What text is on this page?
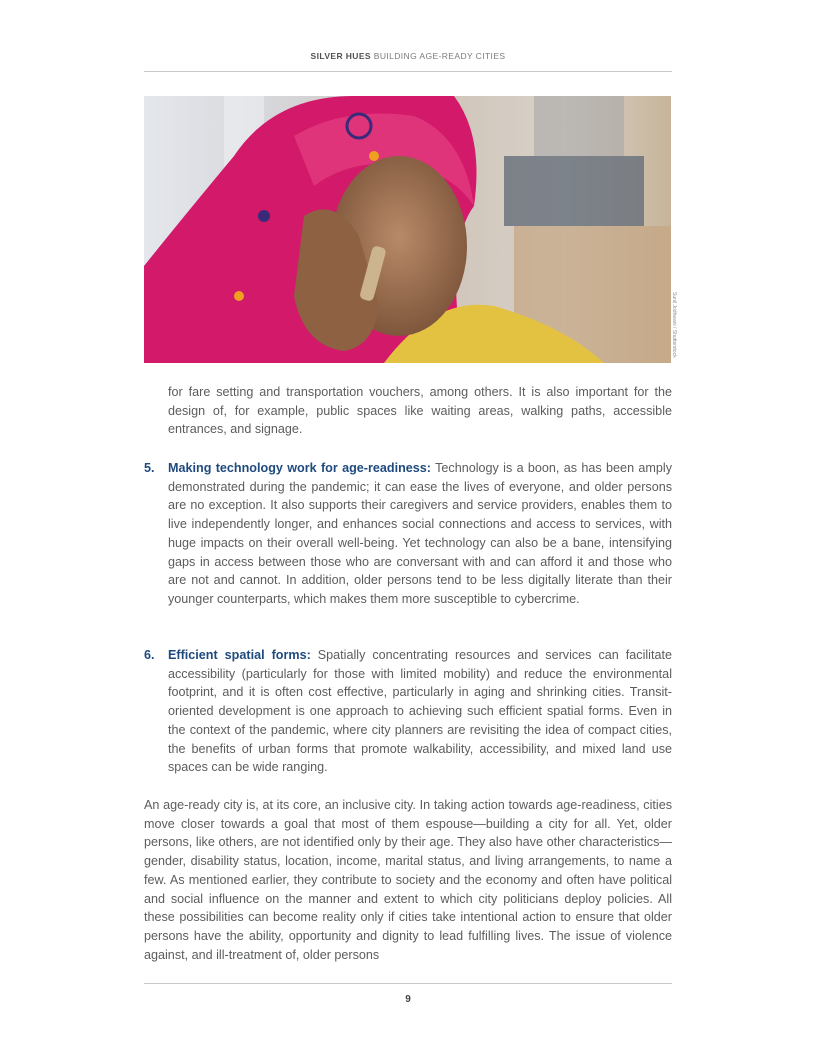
SILVER HUES BUILDING AGE-READY CITIES
Sunil Jodhwani / Shutterstock
for fare setting and transportation vouchers, among others. It is also important for the design of, for example, public spaces like waiting areas, walking paths, accessible entrances, and signage.
5. Making technology work for age-readiness: Technology is a boon, as has been amply demonstrated during the pandemic; it can ease the lives of everyone, and older persons are no exception. It also supports their caregivers and service providers, enables them to live independently longer, and enhances social connections and access to services, with huge impacts on their overall well-being. Yet technology can also be a bane, intensifying gaps in access between those who are conversant with and can afford it and those who are not and cannot. In addition, older persons tend to be less digitally literate than their younger counterparts, which makes them more susceptible to cybercrime.
6. Efficient spatial forms: Spatially concentrating resources and services can facilitate accessibility (particularly for those with limited mobility) and reduce the environmental footprint, and it is often cost effective, particularly in aging and shrinking cities. Transit-oriented development is one approach to achieving such efficient spatial forms. Even in the context of the pandemic, where city planners are revisiting the idea of compact cities, the benefits of urban forms that promote walkability, accessibility, and mixed land use spaces can be wide ranging.
An age-ready city is, at its core, an inclusive city. In taking action towards age-readiness, cities move closer towards a goal that most of them espouse—building a city for all. Yet, older persons, like others, are not identified only by their age. They also have other characteristics—gender, disability status, location, income, marital status, and living arrangements, to name a few. As mentioned earlier, they contribute to society and the economy and often have political and social influence on the manner and extent to which city politicians deploy policies. All these possibilities can become reality only if cities take intentional action to ensure that older persons have the ability, opportunity and dignity to lead fulfilling lives. The issue of violence against, and ill-treatment of, older persons
9
